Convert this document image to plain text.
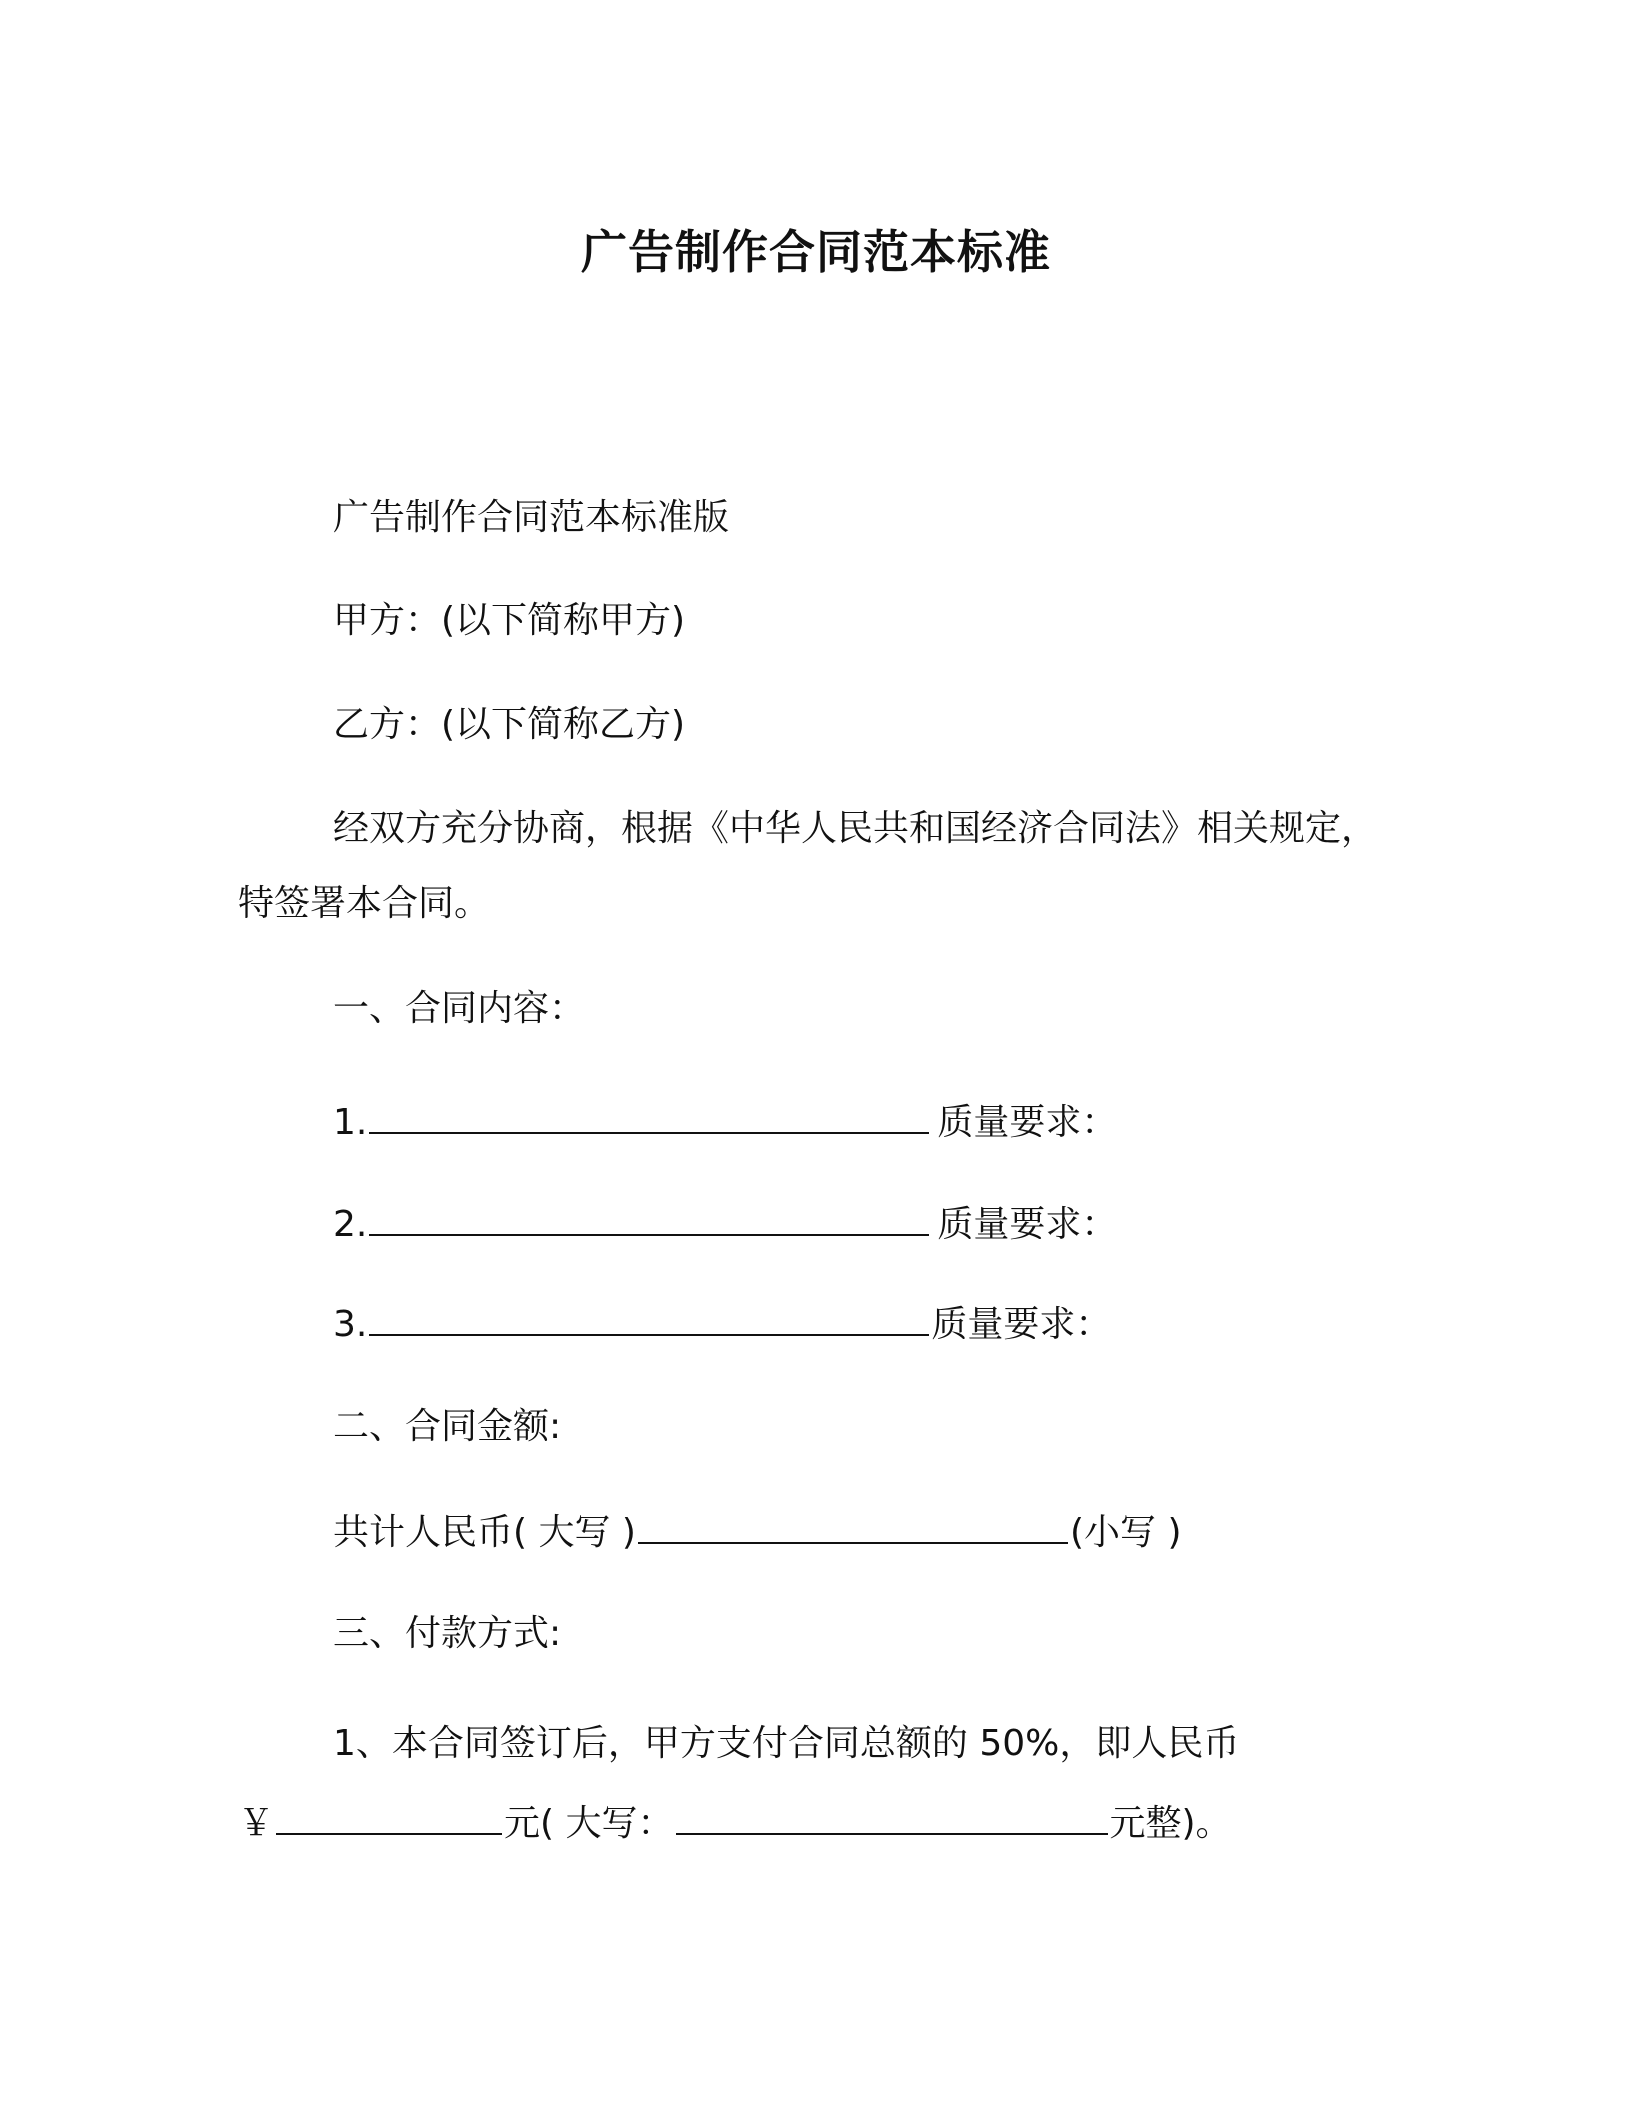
广告制作合同范本标准
广告制作合同范本标准版
甲方：(以下简称甲方)
乙方：(以下简称乙方)
经双方充分协商，根据《中华人民共和国经济合同法》相关规定，
特签署本合同。
一、合同内容：
1.	质量要求：
2.	质量要求：
3.	质量要求：
二、合同金额:
共计人民币( 大写 )	(小写 )
三、付款方式:
1、本合同签订后，甲方支付合同总额的 50%，即人民币
￥	元( 大写：	元整)。
